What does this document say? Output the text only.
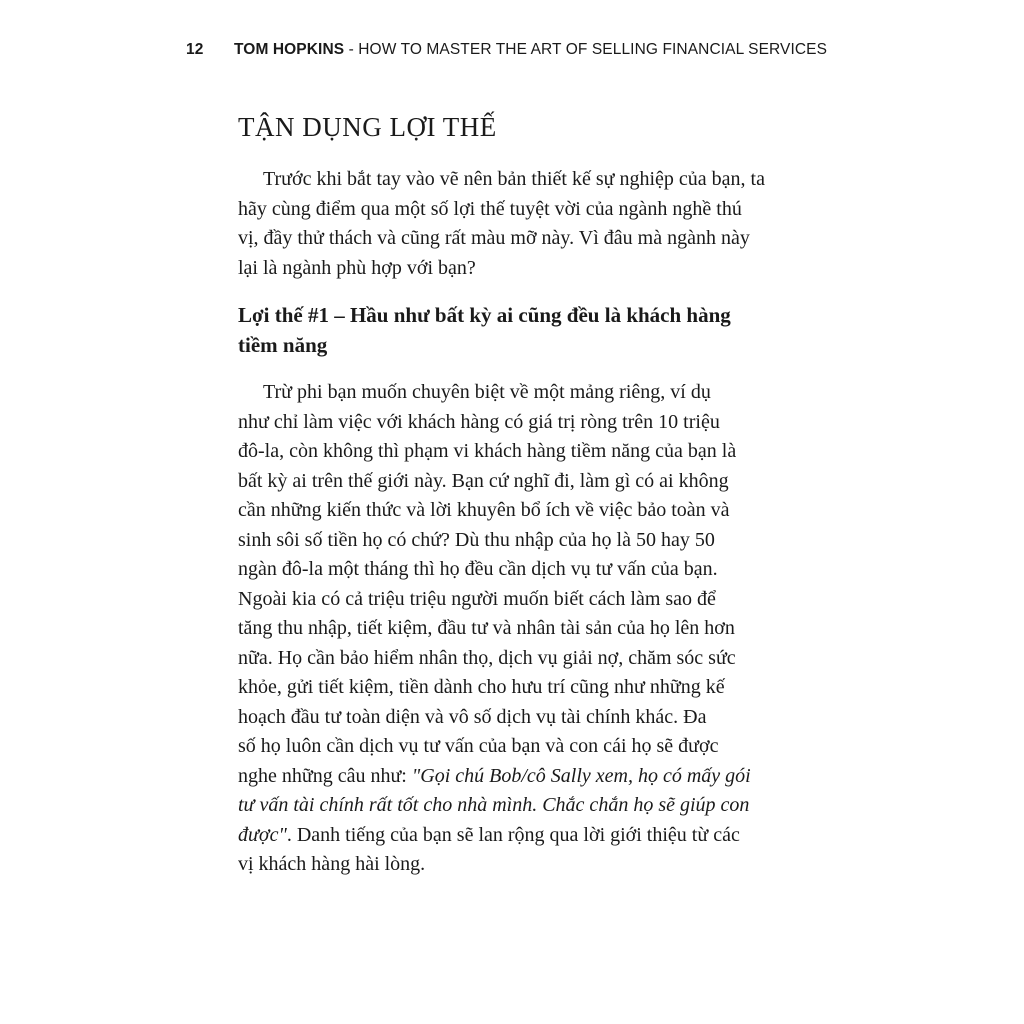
12 TOM HOPKINS - HOW TO MASTER THE ART OF SELLING FINANCIAL SERVICES
TẬN DỤNG LỢI THẾ

Trước khi bắt tay vào vẽ nên bản thiết kế sự nghiệp của bạn, ta
hãy cùng điểm qua một số lợi thế tuyệt vời của ngành nghề thú
vị, đầy thử thách và cũng rất màu mỡ này. Vì đâu mà ngành này
lại là ngành phù hợp với bạn?

Lợi thế #1 – Hầu như bất kỳ ai cũng đều là khách hàng
tiềm năng

Trừ phi bạn muốn chuyên biệt về một mảng riêng, ví dụ
như chỉ làm việc với khách hàng có giá trị ròng trên 10 triệu
đô-la, còn không thì phạm vi khách hàng tiềm năng của bạn là
bất kỳ ai trên thế giới này. Bạn cứ nghĩ đi, làm gì có ai không
cần những kiến thức và lời khuyên bổ ích về việc bảo toàn và
sinh sôi số tiền họ có chứ? Dù thu nhập của họ là 50 hay 50
ngàn đô-la một tháng thì họ đều cần dịch vụ tư vấn của bạn.
Ngoài kia có cả triệu triệu người muốn biết cách làm sao để
tăng thu nhập, tiết kiệm, đầu tư và nhân tài sản của họ lên hơn
nữa. Họ cần bảo hiểm nhân thọ, dịch vụ giải nợ, chăm sóc sức
khỏe, gửi tiết kiệm, tiền dành cho hưu trí cũng như những kế
hoạch đầu tư toàn diện và vô số dịch vụ tài chính khác. Đa
số họ luôn cần dịch vụ tư vấn của bạn và con cái họ sẽ được
nghe những câu như: "Gọi chú Bob/cô Sally xem, họ có mấy gói
tư vấn tài chính rất tốt cho nhà mình. Chắc chắn họ sẽ giúp con
được". Danh tiếng của bạn sẽ lan rộng qua lời giới thiệu từ các
vị khách hàng hài lòng.
